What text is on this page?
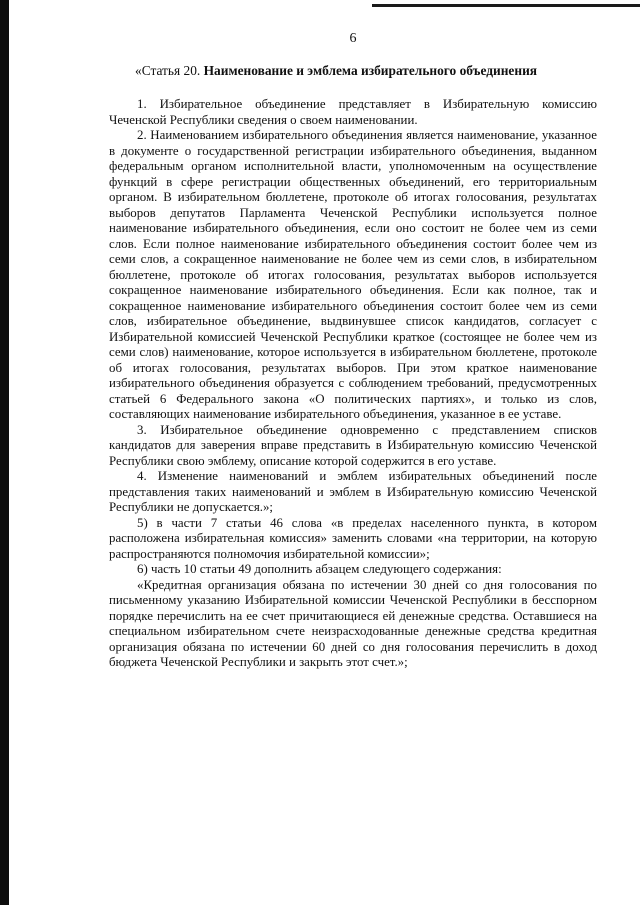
6
«Статья 20. Наименование и эмблема избирательного объединения

1. Избирательное объединение представляет в Избирательную комиссию Чеченской Республики сведения о своем наименовании.

2. Наименованием избирательного объединения является наименование, указанное в документе о государственной регистрации избирательного объединения, выданном федеральным органом исполнительной власти, уполномоченным на осуществление функций в сфере регистрации общественных объединений, его территориальным органом. В избирательном бюллетене, протоколе об итогах голосования, результатах выборов депутатов Парламента Чеченской Республики используется полное наименование избирательного объединения, если оно состоит не более чем из семи слов. Если полное наименование избирательного объединения состоит более чем из семи слов, а сокращенное наименование не более чем из семи слов, в избирательном бюллетене, протоколе об итогах голосования, результатах выборов используется сокращенное наименование избирательного объединения. Если как полное, так и сокращенное наименование избирательного объединения состоит более чем из семи слов, избирательное объединение, выдвинувшее список кандидатов, согласует с Избирательной комиссией Чеченской Республики краткое (состоящее не более чем из семи слов) наименование, которое используется в избирательном бюллетене, протоколе об итогах голосования, результатах выборов. При этом краткое наименование избирательного объединения образуется с соблюдением требований, предусмотренных статьей 6 Федерального закона «О политических партиях», и только из слов, составляющих наименование избирательного объединения, указанное в ее уставе.

3. Избирательное объединение одновременно с представлением списков кандидатов для заверения вправе представить в Избирательную комиссию Чеченской Республики свою эмблему, описание которой содержится в его уставе.

4. Изменение наименований и эмблем избирательных объединений после представления таких наименований и эмблем в Избирательную комиссию Чеченской Республики не допускается.»;

5) в части 7 статьи 46 слова «в пределах населенного пункта, в котором расположена избирательная комиссия» заменить словами «на территории, на которую распространяются полномочия избирательной комиссии»;

6) часть 10 статьи 49 дополнить абзацем следующего содержания:

«Кредитная организация обязана по истечении 30 дней со дня голосования по письменному указанию Избирательной комиссии Чеченской Республики в бесспорном порядке перечислить на ее счет причитающиеся ей денежные средства. Оставшиеся на специальном избирательном счете неизрасходованные денежные средства кредитная организация обязана по истечении 60 дней со дня голосования перечислить в доход бюджета Чеченской Республики и закрыть этот счет.»;
